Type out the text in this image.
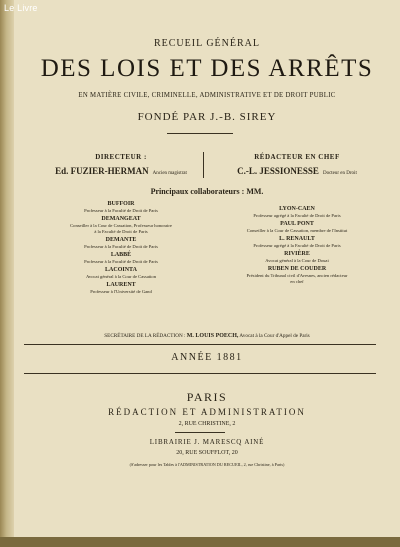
Le Livre
RECUEIL GÉNÉRAL
DES LOIS ET DES ARRÊTS
EN MATIÈRE CIVILE, CRIMINELLE, ADMINISTRATIVE ET DE DROIT PUBLIC
FONDÉ PAR J.-B. SIREY
DIRECTEUR :
Ed. FUZIER-HERMAN Ancien magistrat
RÉDACTEUR EN CHEF
C.-L. JESSIONESSE Docteur en Droit
Principaux collaborateurs : MM.
BUFFOIR
Professeur à la Faculté de Droit de Paris
DEMANGEAT
Conseiller à la Cour de Cassation, Professeur honoraire
à la Faculté de Droit de Paris
DEMANTE
Professeur à la Faculté de Droit de Paris
LABBÉ
Professeur à la Faculté de Droit de Paris
LACOINTA
Avocat général à la Cour de Cassation
LAURENT
Professeur à l'Université de Gand
LYON-CAEN
Professeur agrégé à la Faculté de Droit de Paris
PAUL PONT
Conseiller à la Cour de Cassation, membre de l'Institut
L. RENAULT
Professeur agrégé à la Faculté de Droit de Paris
RIVIÈRE
Avocat général à la Cour de Douai
RUBEN DE COUDER
Président du Tribunal civil d'Avesnes, ancien rédacteur
en chef
SECRÉTAIRE DE LA RÉDACTION : M. LOUIS POECH, Avocat à la Cour d'Appel de Paris
ANNÉE 1881
PARIS
RÉDACTION ET ADMINISTRATION
2, RUE CHRISTINE, 2
LIBRAIRIE J. MARESCQ AINÉ
20, RUE SOUFFLOT, 20
(S'adresser pour les Tables à l'ADMINISTRATION DU RECUEIL, 2, rue Christine, à Paris)
